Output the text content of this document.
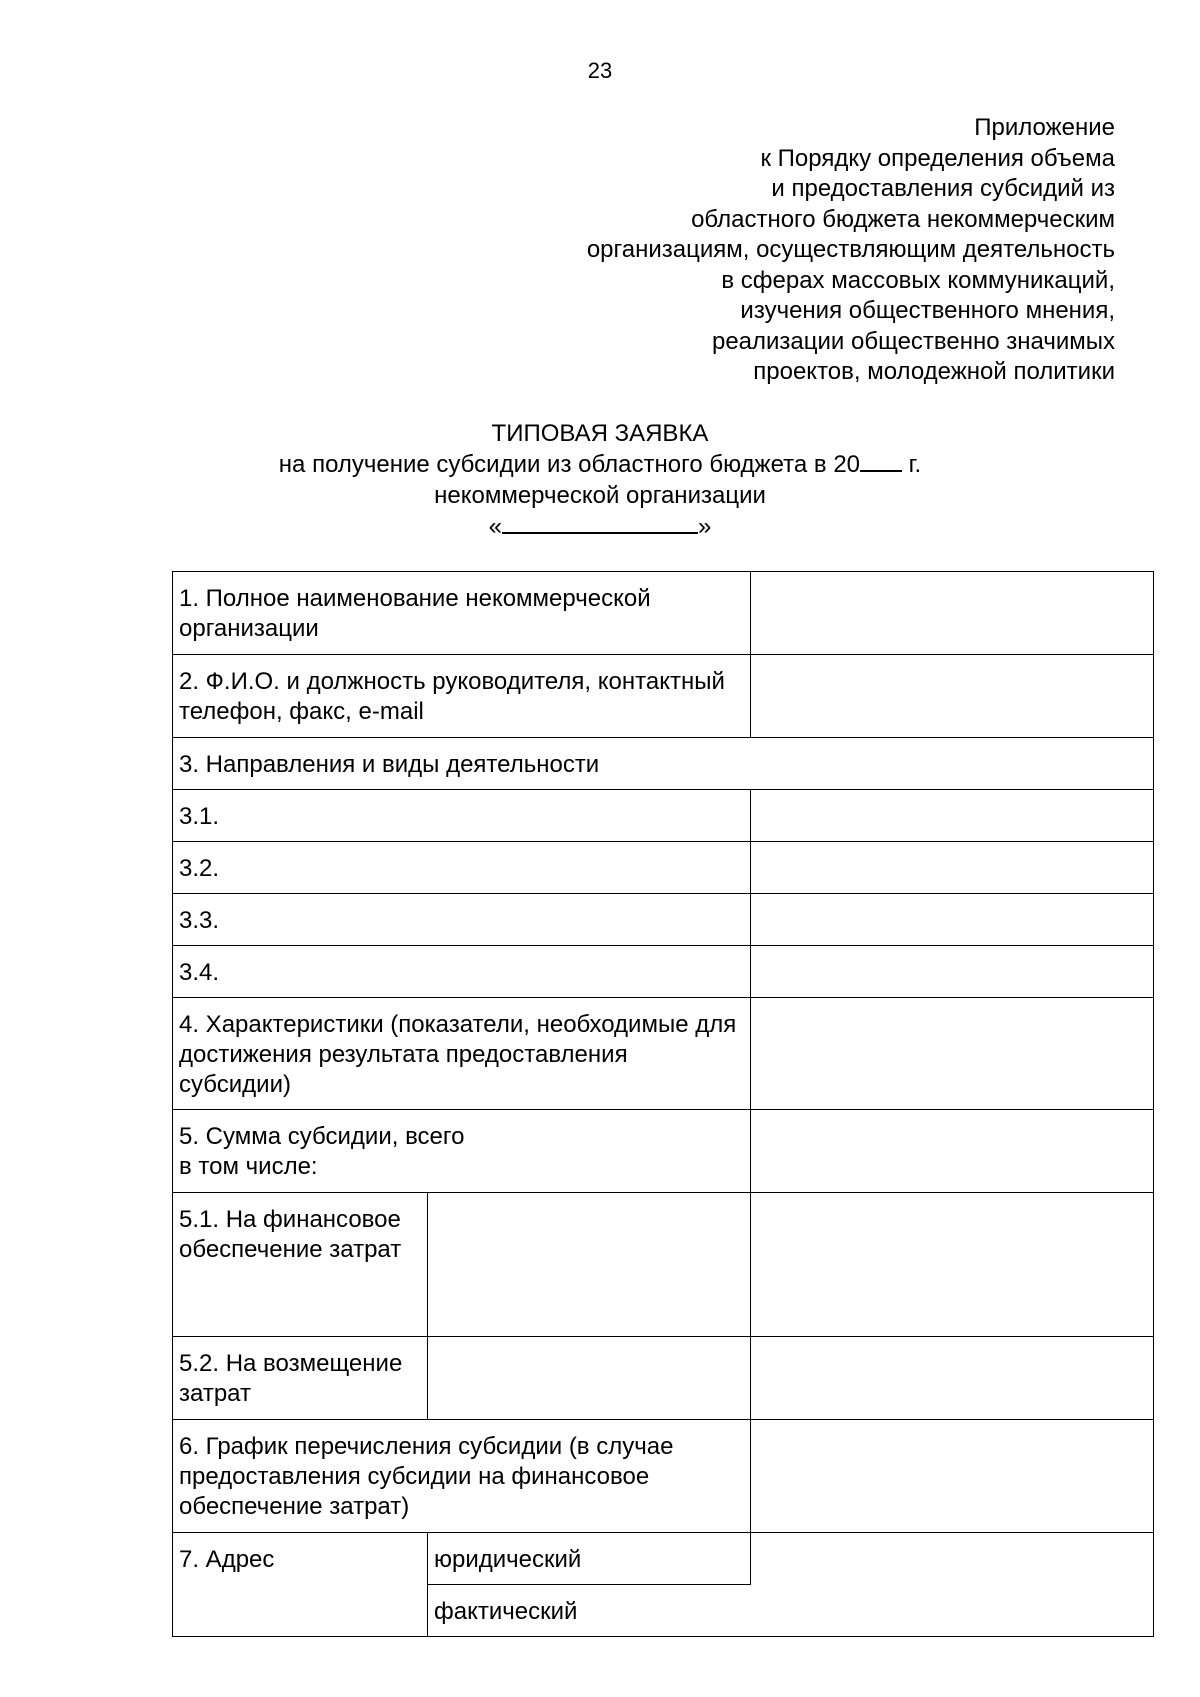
23
Приложение
к Порядку определения объема
и предоставления субсидий из
областного бюджета некоммерческим
организациям, осуществляющим деятельность
в сферах массовых коммуникаций,
изучения общественного мнения,
реализации общественно значимых
проектов, молодежной политики
ТИПОВАЯ ЗАЯВКА
на получение субсидии из областного бюджета в 20 г.
некоммерческой организации
«	»
1. Полное наименование некоммерческой организации		
2. Ф.И.О. и должность руководителя, контактный телефон, факс, e-mail		
3. Направления и виды деятельности		
3.1.		
3.2.		
3.3.		
3.4.		
4. Характеристики (показатели, необходимые для достижения результата предоставления субсидии)		

5. Сумма субсидии, всего
в том числе:		

5.1. На финансовое обеспечение затрат		
5.2. На возмещение затрат		
6. График перечисления субсидии (в случае предоставления субсидии на финансовое обеспечение затрат)		
7. Адрес	юридический	
	фактический	
